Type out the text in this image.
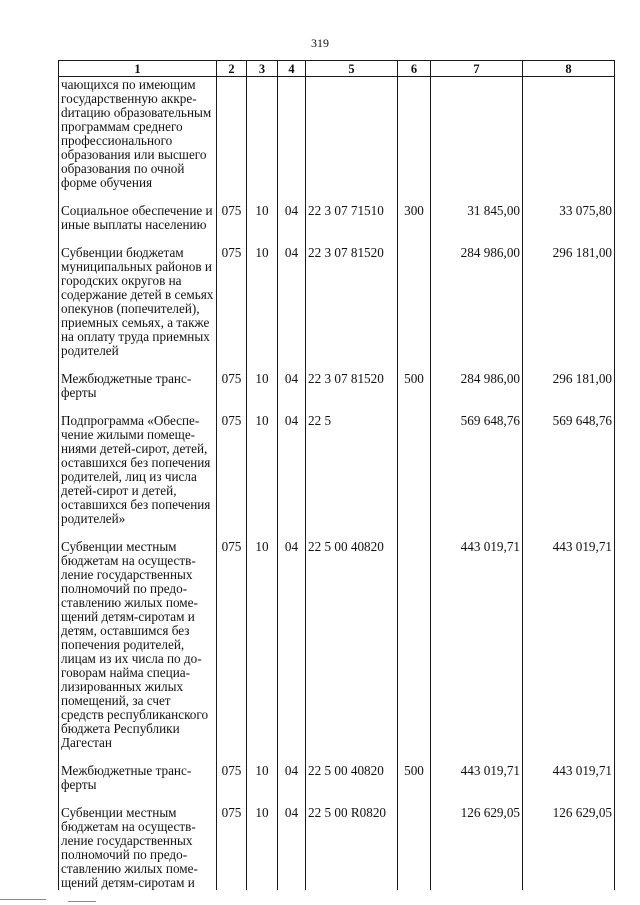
319
1	2	3	4	5	6	7	8
чающихся по имеющим государственную аккреdитацию образовательным программам среднего профессионального образования или высшего образования по очной форме обучения							
Социальное обеспечение и иные выплаты населению	075	10	04	22 3 07 71510	300	31 845,00	33 075,80
Субвенции бюджетам муниципальных районов и городских округов на содержание детей в семьях опекунов (попечителей), приемных семьях, а также на оплату труда приемных родителей	075	10	04	22 3 07 81520		284 986,00	296 181,00
Межбюджетные трансферты	075	10	04	22 3 07 81520	500	284 986,00	296 181,00
Подпрограмма «Обеспечение жилыми помещениями детей-сирот, детей, оставшихся без попечения родителей, лиц из числа детей-сирот и детей, оставшихся без попечения родителей»	075	10	04	22 5		569 648,76	569 648,76
Субвенции местным бюджетам на осуществление государственных полномочий по предоставлению жилых помещений детям-сиротам и детям, оставшимся без попечения родителей, лицам из их числа по договорам найма специализированных жилых помещений, за счет средств республиканского бюджета Республики Дагестан	075	10	04	22 5 00 40820		443 019,71	443 019,71
Межбюджетные трансферты	075	10	04	22 5 00 40820	500	443 019,71	443 019,71
Субвенции местным бюджетам на осуществление государственных полномочий по предоставлению жилых помещений детям-сиротам и	075	10	04	22 5 00 R0820		126 629,05	126 629,05
